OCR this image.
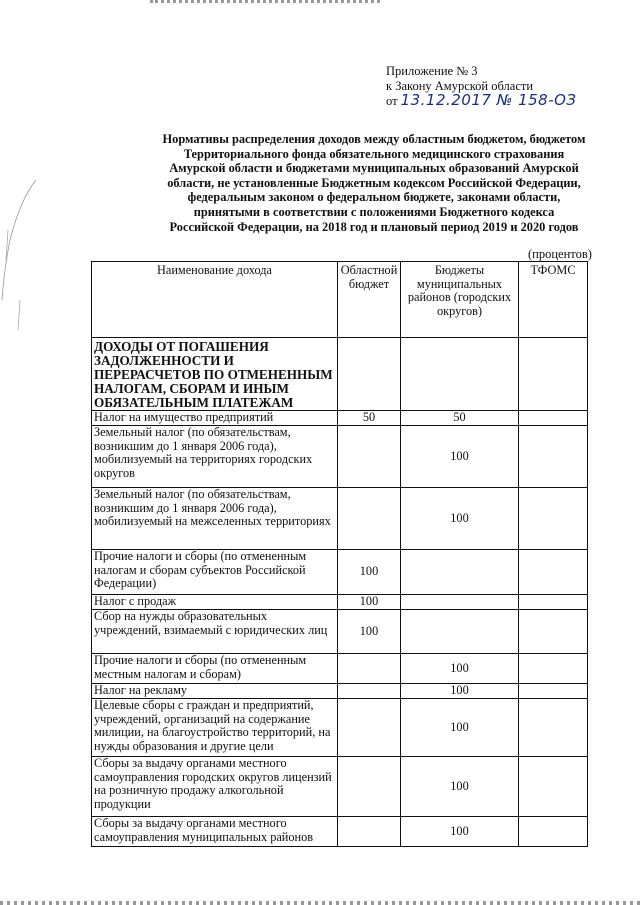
Приложение № 3
к Закону Амурской области
от 13.12.2017 № 158-ОЗ
Нормативы распределения доходов между областным бюджетом, бюджетом Территориального фонда обязательного медицинского страхования Амурской области и бюджетами муниципальных образований Амурской области, не установленные Бюджетным кодексом Российской Федерации, федеральным законом о федеральном бюджете, законами области, принятыми в соответствии с положениями Бюджетного кодекса Российской Федерации, на 2018 год и плановый период 2019 и 2020 годов
(процентов)
Наименование дохода	Областной бюджет	Бюджеты муниципальных районов (городских округов)	ТФОМС
ДОХОДЫ ОТ ПОГАШЕНИЯ ЗАДОЛЖЕННОСТИ И ПЕРЕРАСЧЕТОВ ПО ОТМЕНЕННЫМ НАЛОГАМ, СБОРАМ И ИНЫМ ОБЯЗАТЕЛЬНЫМ ПЛАТЕЖАМ			
Налог на имущество предприятий	50	50	
Земельный налог (по обязательствам, возникшим до 1 января 2006 года), мобилизуемый на территориях городских округов		100	
Земельный налог (по обязательствам, возникшим до 1 января 2006 года), мобилизуемый на межселенных территориях		100	
Прочие налоги и сборы (по отмененным налогам и сборам субъектов Российской Федерации)	100		
Налог с продаж	100		
Сбор на нужды образовательных учреждений, взимаемый с юридических лиц	100		
Прочие налоги и сборы (по отмененным местным налогам и сборам)		100	
Налог на рекламу		100	
Целевые сборы с граждан и предприятий, учреждений, организаций на содержание милиции, на благоустройство территорий, на нужды образования и другие цели		100	
Сборы за выдачу органами местного самоуправления городских округов лицензий на розничную продажу алкогольной продукции		100	
Сборы за выдачу органами местного самоуправления муниципальных районов		100	
